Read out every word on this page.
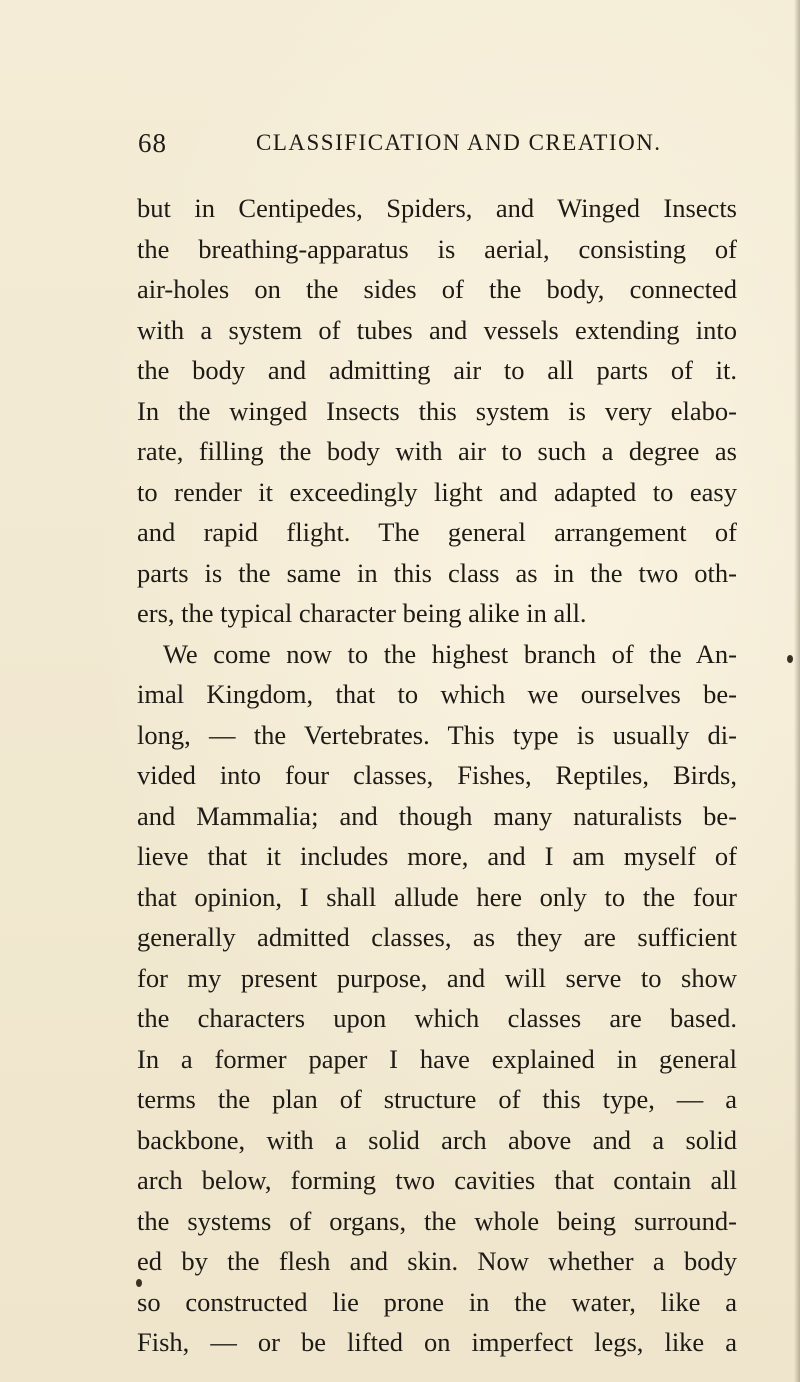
68	CLASSIFICATION AND CREATION.
but in Centipedes, Spiders, and Winged Insects
the breathing-apparatus is aerial, consisting of
air-holes on the sides of the body, connected
with a system of tubes and vessels extending into
the body and admitting air to all parts of it.
In the winged Insects this system is very elabo-
rate, filling the body with air to such a degree as
to render it exceedingly light and adapted to easy
and rapid flight. The general arrangement of
parts is the same in this class as in the two oth-
ers, the typical character being alike in all.
We come now to the highest branch of the An-
imal Kingdom, that to which we ourselves be-
long, — the Vertebrates. This type is usually di-
vided into four classes, Fishes, Reptiles, Birds,
and Mammalia; and though many naturalists be-
lieve that it includes more, and I am myself of
that opinion, I shall allude here only to the four
generally admitted classes, as they are sufficient
for my present purpose, and will serve to show
the characters upon which classes are based.
In a former paper I have explained in general
terms the plan of structure of this type, — a
backbone, with a solid arch above and a solid
arch below, forming two cavities that contain all
the systems of organs, the whole being surround-
ed by the flesh and skin. Now whether a body
so constructed lie prone in the water, like a
Fish, — or be lifted on imperfect legs, like a
